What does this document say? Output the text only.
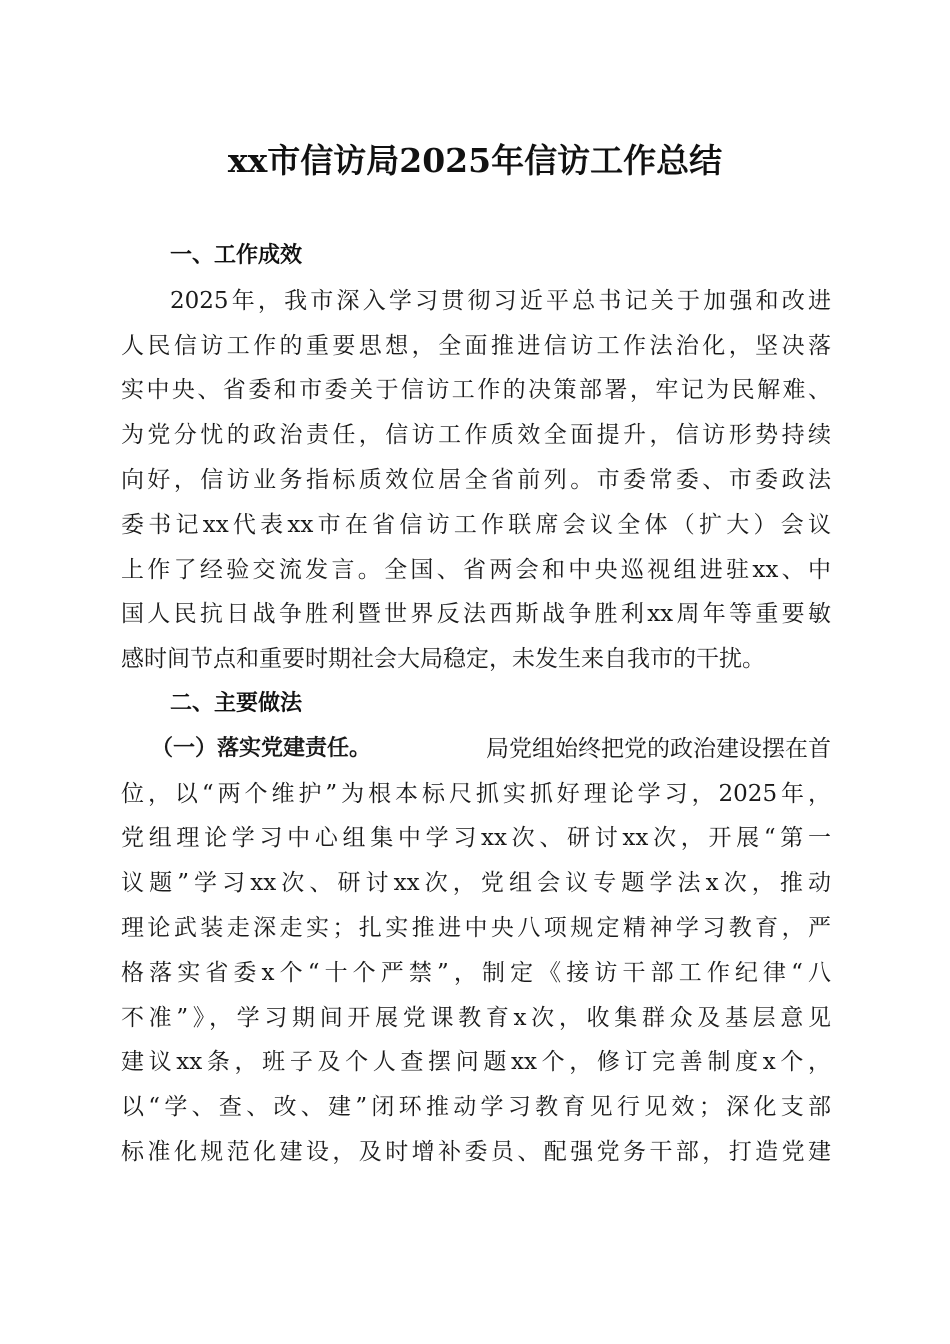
xx市信访局2025年信访工作总结
一、工作成效
2025年，我市深入学习贯彻习近平总书记关于加强和改进
人民信访工作的重要思想，全面推进信访工作法治化，坚决落
实中央、省委和市委关于信访工作的决策部署，牢记为民解难、
为党分忧的政治责任，信访工作质效全面提升，信访形势持续
向好，信访业务指标质效位居全省前列。市委常委、市委政法
委书记xx代表xx市在省信访工作联席会议全体（扩大）会议
上作了经验交流发言。全国、省两会和中央巡视组进驻xx、中
国人民抗日战争胜利暨世界反法西斯战争胜利xx周年等重要敏
感时间节点和重要时期社会大局稳定，未发生来自我市的干扰。
二、主要做法
（一）落实党建责任。	局党组始终把党的政治建设摆在首
位，以“两个维护”为根本标尺抓实抓好理论学习，2025年，
党组理论学习中心组集中学习xx次、研讨xx次，开展“第一
议题”学习xx次、研讨xx次，党组会议专题学法x次，推动
理论武装走深走实；扎实推进中央八项规定精神学习教育，严
格落实省委x个“十个严禁”，制定《接访干部工作纪律“八
不准”》，学习期间开展党课教育x次，收集群众及基层意见
建议xx条，班子及个人查摆问题xx个，修订完善制度x个，
以“学、查、改、建”闭环推动学习教育见行见效；深化支部
标准化规范化建设，及时增补委员、配强党务干部，打造党建
